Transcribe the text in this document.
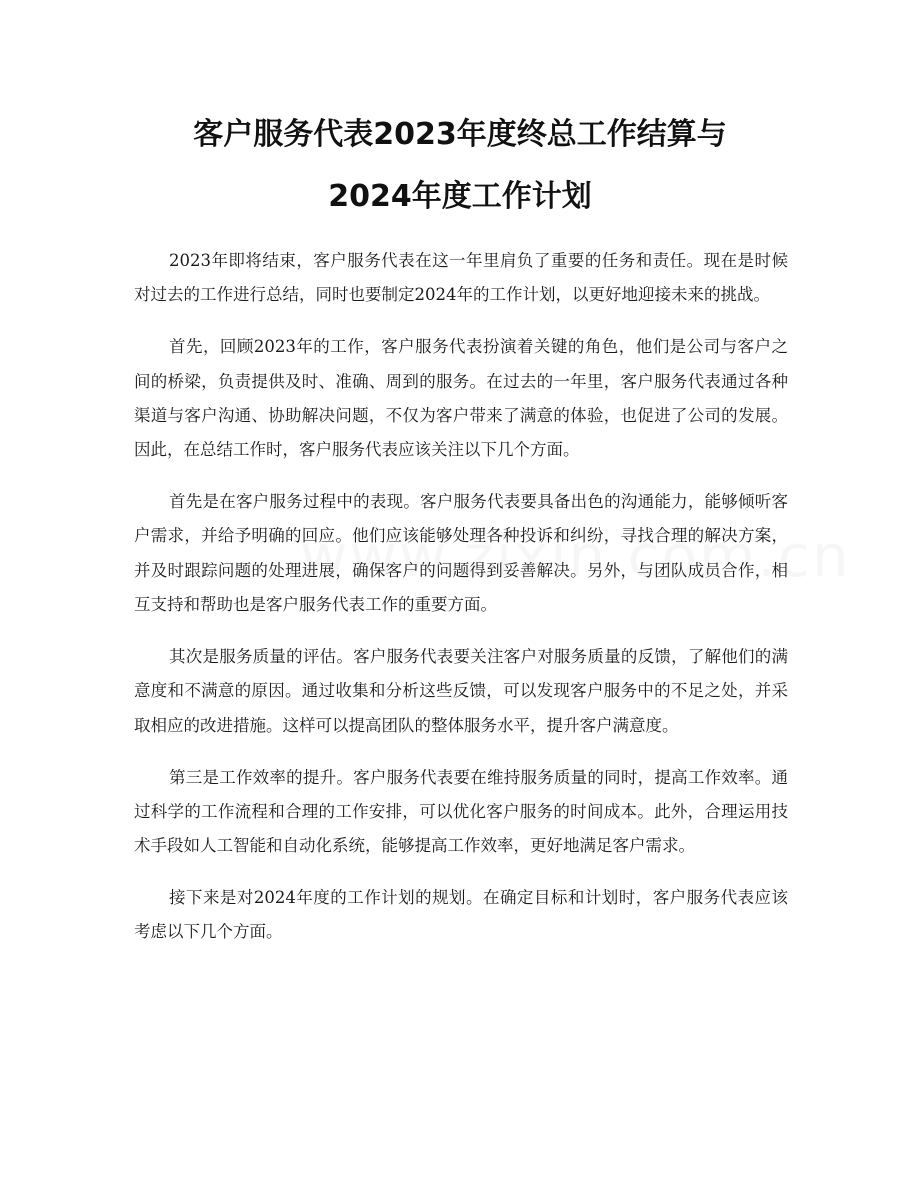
客户服务代表2023年度终总工作结算与
2024年度工作计划

2023年即将结束，客户服务代表在这一年里肩负了重要的任务和责任。现在是时候对过去的工作进行总结，同时也要制定2024年的工作计划，以更好地迎接未来的挑战。

首先，回顾2023年的工作，客户服务代表扮演着关键的角色，他们是公司与客户之间的桥梁，负责提供及时、准确、周到的服务。在过去的一年里，客户服务代表通过各种渠道与客户沟通、协助解决问题，不仅为客户带来了满意的体验，也促进了公司的发展。因此，在总结工作时，客户服务代表应该关注以下几个方面。

首先是在客户服务过程中的表现。客户服务代表要具备出色的沟通能力，能够倾听客户需求，并给予明确的回应。他们应该能够处理各种投诉和纠纷，寻找合理的解决方案，并及时跟踪问题的处理进展，确保客户的问题得到妥善解决。另外，与团队成员合作，相互支持和帮助也是客户服务代表工作的重要方面。

其次是服务质量的评估。客户服务代表要关注客户对服务质量的反馈，了解他们的满意度和不满意的原因。通过收集和分析这些反馈，可以发现客户服务中的不足之处，并采取相应的改进措施。这样可以提高团队的整体服务水平，提升客户满意度。

第三是工作效率的提升。客户服务代表要在维持服务质量的同时，提高工作效率。通过科学的工作流程和合理的工作安排，可以优化客户服务的时间成本。此外，合理运用技术手段如人工智能和自动化系统，能够提高工作效率，更好地满足客户需求。

接下来是对2024年度的工作计划的规划。在确定目标和计划时，客户服务代表应该考虑以下几个方面。
